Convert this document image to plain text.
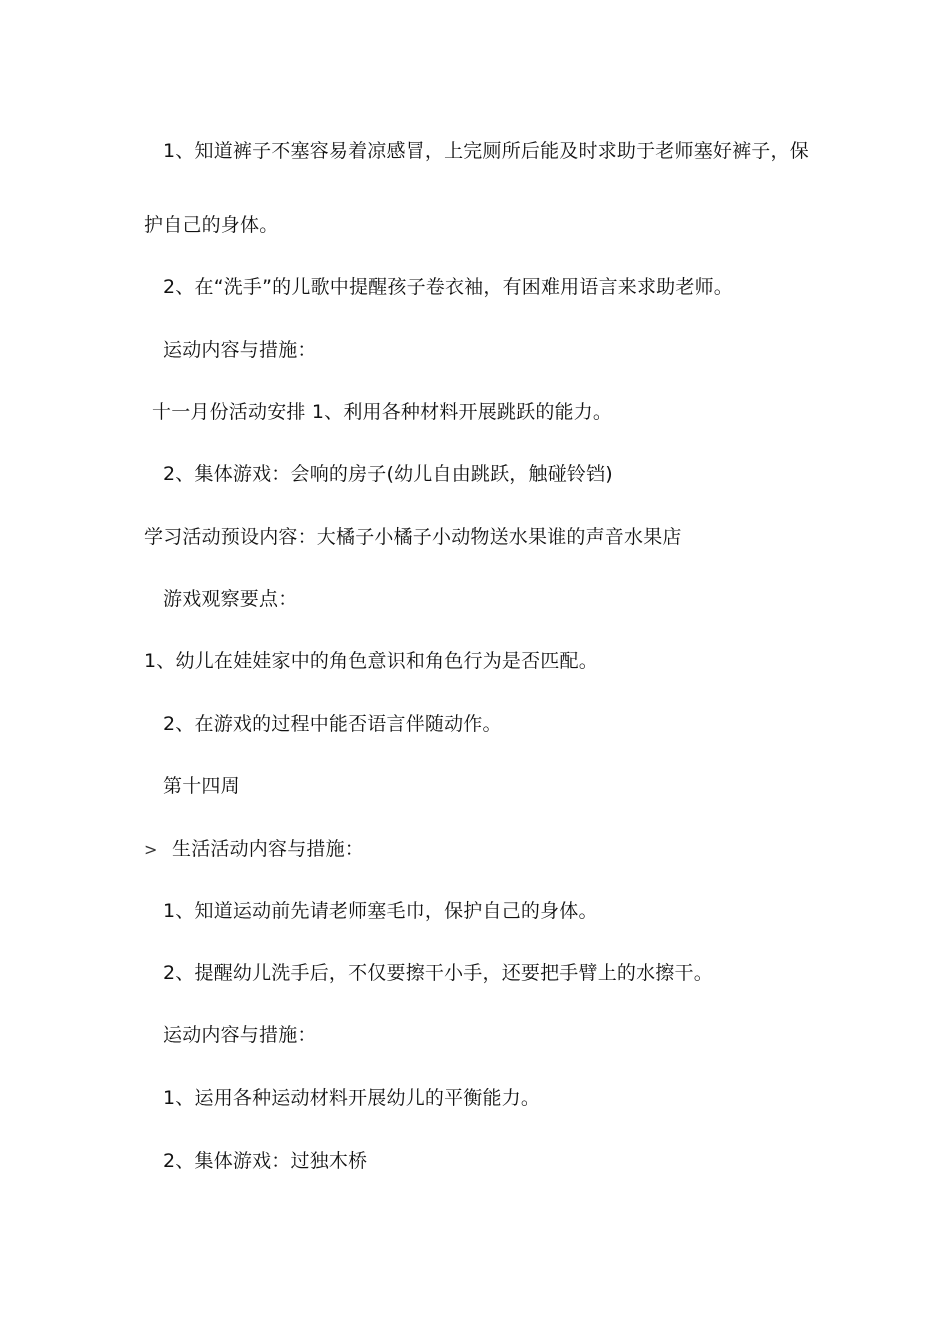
1、知道裤子不塞容易着凉感冒，上完厕所后能及时求助于老师塞好裤子，保
护自己的身体。
2、在“洗手”的儿歌中提醒孩子卷衣袖，有困难用语言来求助老师。
运动内容与措施：
十一月份活动安排 1、利用各种材料开展跳跃的能力。
2、集体游戏：会响的房子(幼儿自由跳跃，触碰铃铛)
学习活动预设内容：大橘子小橘子小动物送水果谁的声音水果店
游戏观察要点：
1、幼儿在娃娃家中的角色意识和角色行为是否匹配。
2、在游戏的过程中能否语言伴随动作。
第十四周
> 生活活动内容与措施：
1、知道运动前先请老师塞毛巾，保护自己的身体。
2、提醒幼儿洗手后，不仅要擦干小手，还要把手臂上的水擦干。
运动内容与措施：
1、运用各种运动材料开展幼儿的平衡能力。
2、集体游戏：过独木桥
